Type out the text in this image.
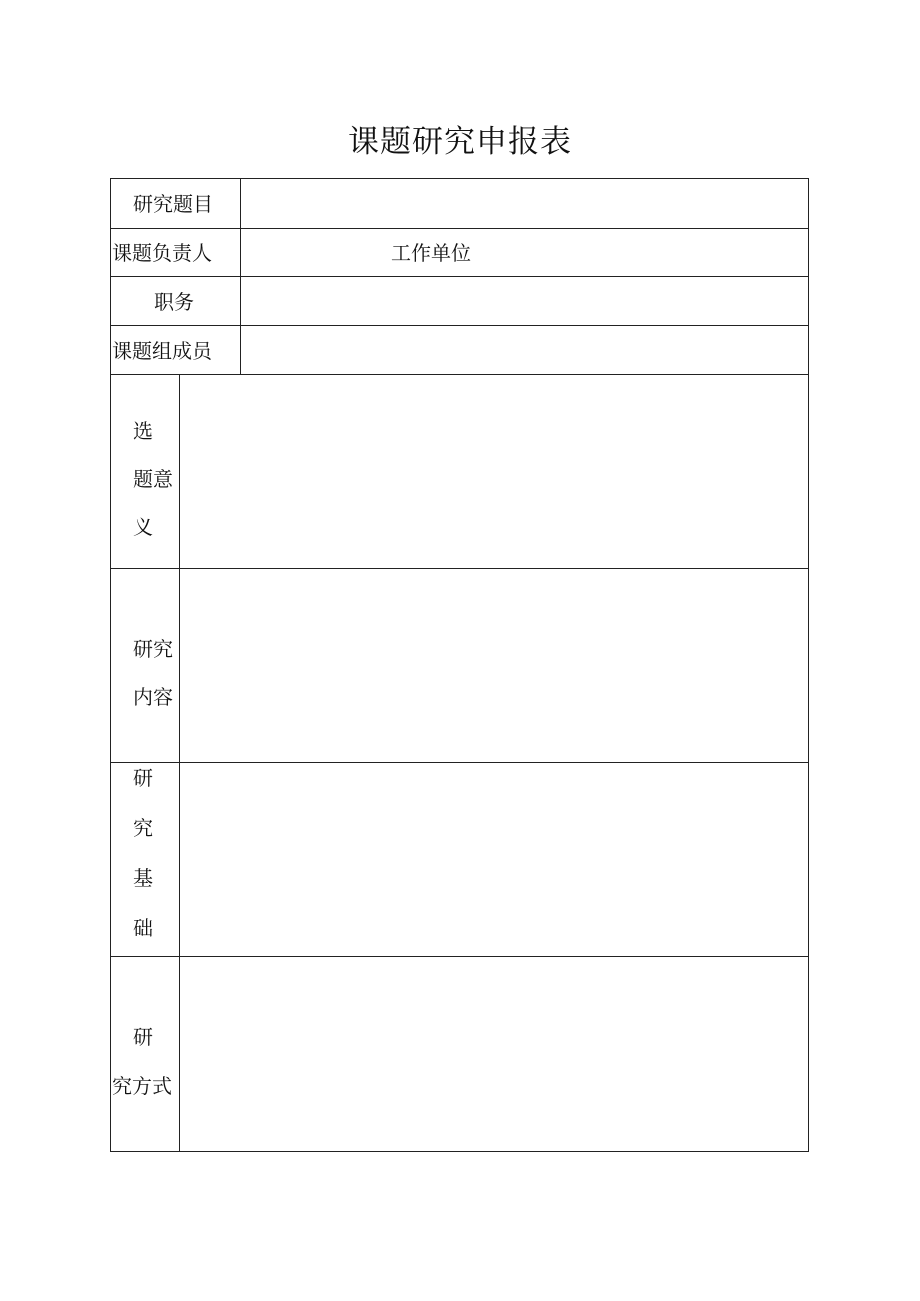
课题研究申报表
研究题目
课题负责人	工作单位
职务
课题组成员
选
题意
义
研究
内容
研
究
基
础
研
究方式
